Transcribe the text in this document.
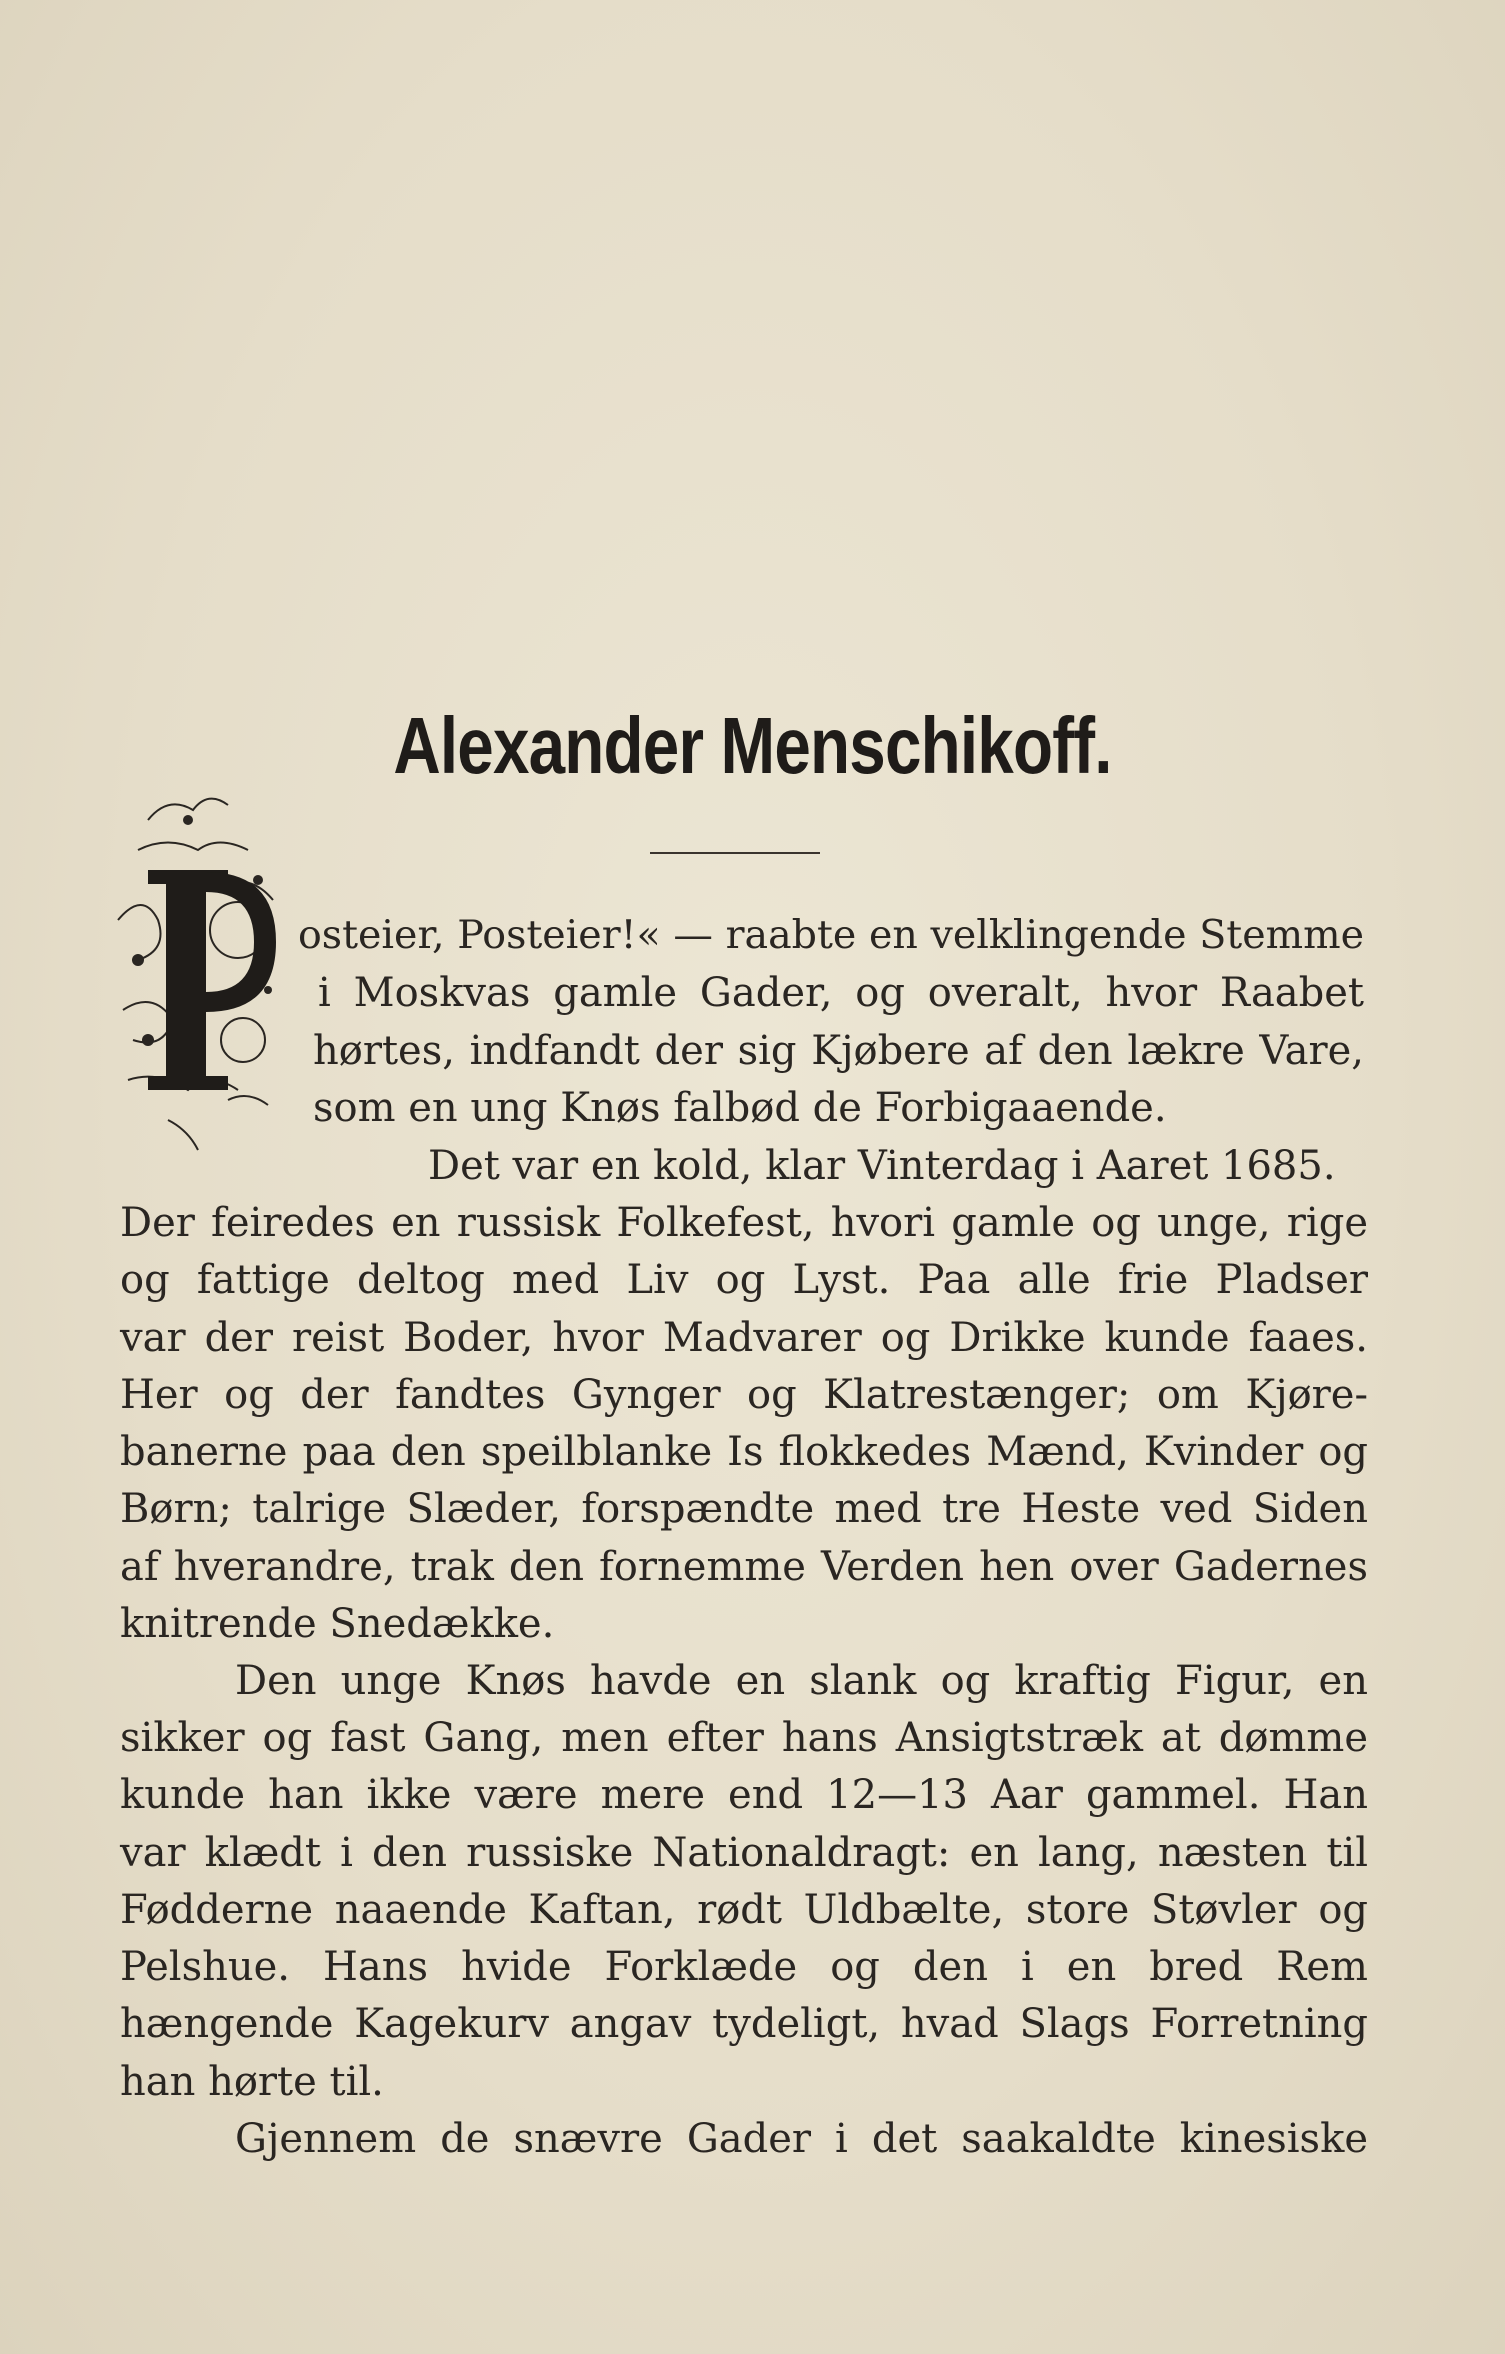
Alexander Menschikoff.
osteier, Posteier!« — raabte en velklingende Stemme
i Moskvas gamle Gader, og overalt, hvor Raabet
hørtes, indfandt der sig Kjøbere af den lækre Vare,
som en ung Knøs falbød de Forbigaaende.
Det var en kold, klar Vinterdag i Aaret 1685.
Der feiredes en russisk Folkefest, hvori gamle og unge, rige
og fattige deltog med Liv og Lyst. Paa alle frie Pladser
var der reist Boder, hvor Madvarer og Drikke kunde faaes.
Her og der fandtes Gynger og Klatrestænger; om Kjøre-
banerne paa den speilblanke Is flokkedes Mænd, Kvinder og
Børn; talrige Slæder, forspændte med tre Heste ved Siden
af hverandre, trak den fornemme Verden hen over Gadernes
knitrende Snedække.
Den unge Knøs havde en slank og kraftig Figur, en
sikker og fast Gang, men efter hans Ansigtstræk at dømme
kunde han ikke være mere end 12—13 Aar gammel. Han
var klædt i den russiske Nationaldragt: en lang, næsten til
Fødderne naaende Kaftan, rødt Uldbælte, store Støvler og
Pelshue. Hans hvide Forklæde og den i en bred Rem
hængende Kagekurv angav tydeligt, hvad Slags Forretning
han hørte til.
Gjennem de snævre Gader i det saakaldte kinesiske
